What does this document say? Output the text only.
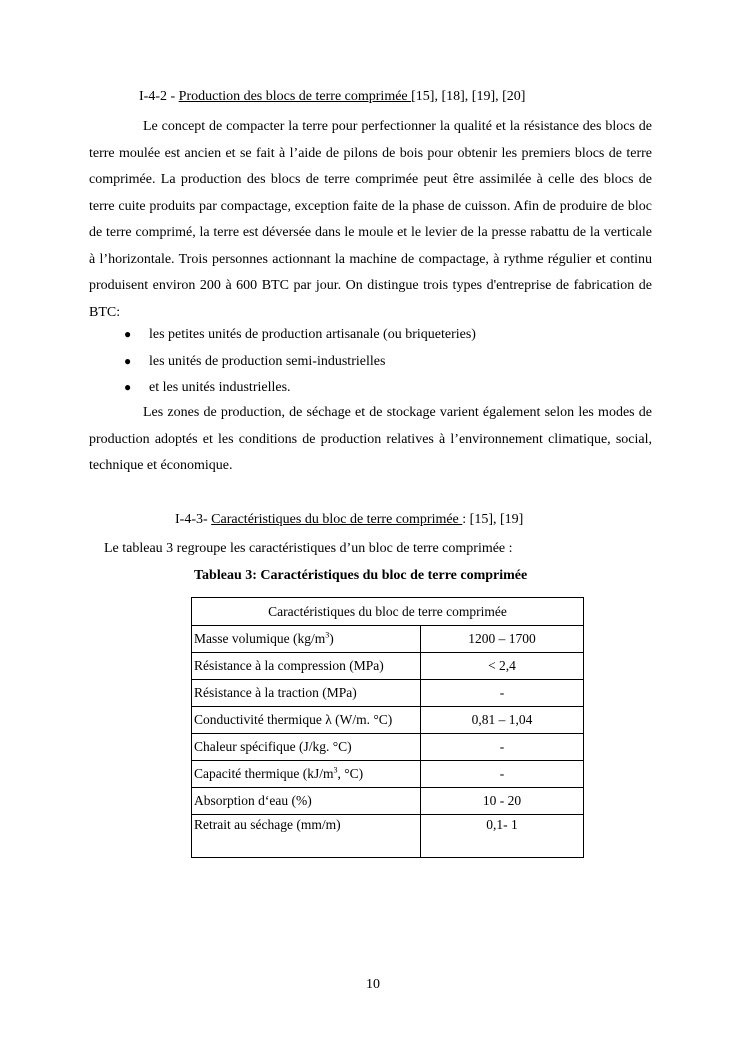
I-4-2 - Production des blocs de terre comprimée [15], [18], [19], [20]

Le concept de compacter la terre pour perfectionner la qualité et la résistance des blocs de terre moulée est ancien et se fait à l’aide de pilons de bois pour obtenir les premiers blocs de terre comprimée. La production des blocs de terre comprimée peut être assimilée à celle des blocs de terre cuite produits par compactage, exception faite de la phase de cuisson. Afin de produire de bloc de terre comprimé, la terre est déversée dans le moule et le levier de la presse rabattu de la verticale à l’horizontale. Trois personnes actionnant la machine de compactage, à rythme régulier et continu produisent environ 200 à 600 BTC par jour. On distingue trois types d'entreprise de fabrication de BTC:

● les petites unités de production artisanale (ou briqueteries)
● les unités de production semi-industrielles
● et les unités industrielles.

Les zones de production, de séchage et de stockage varient également selon les modes de production adoptés et les conditions de production relatives à l’environnement climatique, social, technique et économique.

I-4-3- Caractéristiques du bloc de terre comprimée : [15], [19]
Le tableau 3 regroupe les caractéristiques d’un bloc de terre comprimée :
Tableau 3: Caractéristiques du bloc de terre comprimée
Caractéristiques du bloc de terre comprimée	
Masse volumique $(kg/m^3)$	1200 – 1700
Résistance à la compression (MPa)	< 2,4
Résistance à la traction (MPa)	-
Conductivité thermique λ (W/m. °C)	0,81 – 1,04
Chaleur spécifique (J/kg. °C)	-
Capacité thermique ($kJ/m^3$, °C)	-
Absorption d‘eau (%)	10 - 20
Retrait au séchage (mm/m)	0,1- 1
10
